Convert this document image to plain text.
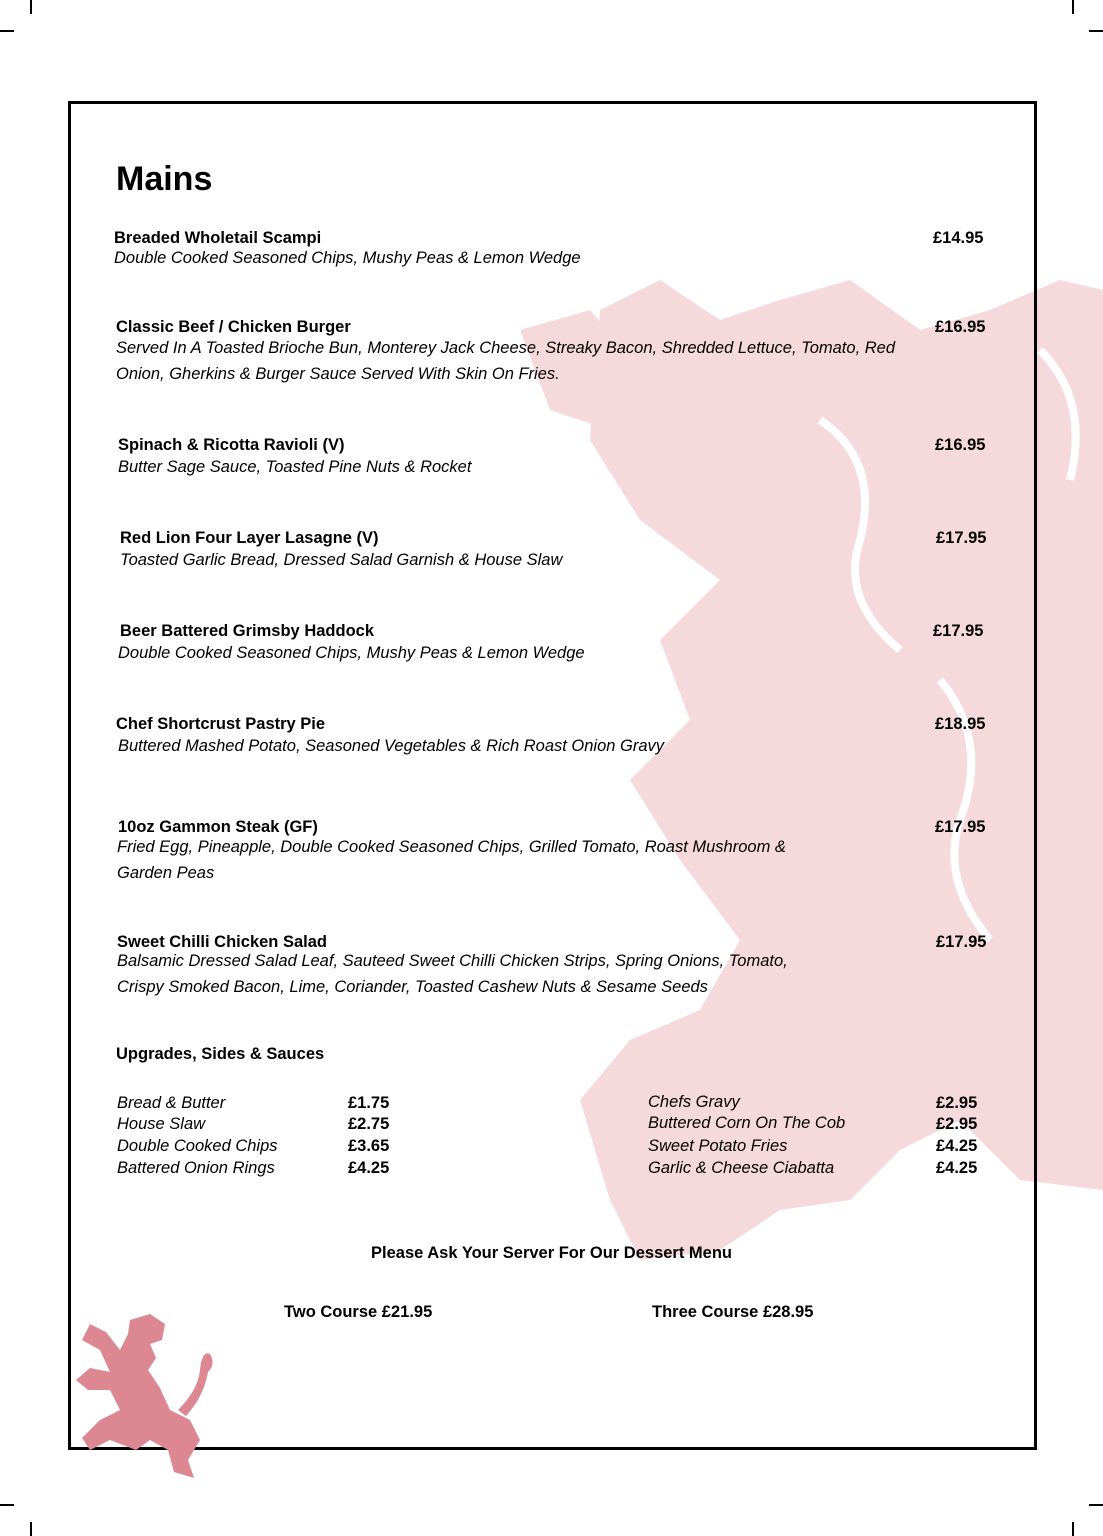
Mains
Breaded Wholetail Scampi
Double Cooked Seasoned Chips, Mushy Peas & Lemon Wedge
£14.95
Classic Beef / Chicken Burger
Served In A Toasted Brioche Bun, Monterey Jack Cheese, Streaky Bacon, Shredded Lettuce, Tomato, Red Onion, Gherkins & Burger Sauce Served With Skin On Fries.
£16.95
Spinach & Ricotta Ravioli (V)
Butter Sage Sauce, Toasted Pine Nuts & Rocket
£16.95
Red Lion Four Layer Lasagne (V)
Toasted Garlic Bread, Dressed Salad Garnish & House Slaw
£17.95
Beer Battered Grimsby Haddock
Double Cooked Seasoned Chips, Mushy Peas & Lemon Wedge
£17.95
Chef Shortcrust Pastry Pie
Buttered Mashed Potato, Seasoned Vegetables & Rich Roast Onion Gravy
£18.95
10oz Gammon Steak (GF)
Fried Egg, Pineapple, Double Cooked Seasoned Chips, Grilled Tomato, Roast Mushroom & Garden Peas
£17.95
Sweet Chilli Chicken Salad
Balsamic Dressed Salad Leaf, Sauteed Sweet Chilli Chicken Strips, Spring Onions, Tomato, Crispy Smoked Bacon, Lime, Coriander, Toasted Cashew Nuts & Sesame Seeds
£17.95
Upgrades, Sides & Sauces
Bread & Butter	£1.75
House Slaw	£2.75
Double Cooked Chips	£3.65
Battered Onion Rings	£4.25
Chefs Gravy	£2.95
Buttered Corn On The Cob	£2.95
Sweet Potato Fries	£4.25
Garlic & Cheese Ciabatta	£4.25
Please Ask Your Server For Our Dessert Menu
Two Course £21.95	Three Course £28.95
